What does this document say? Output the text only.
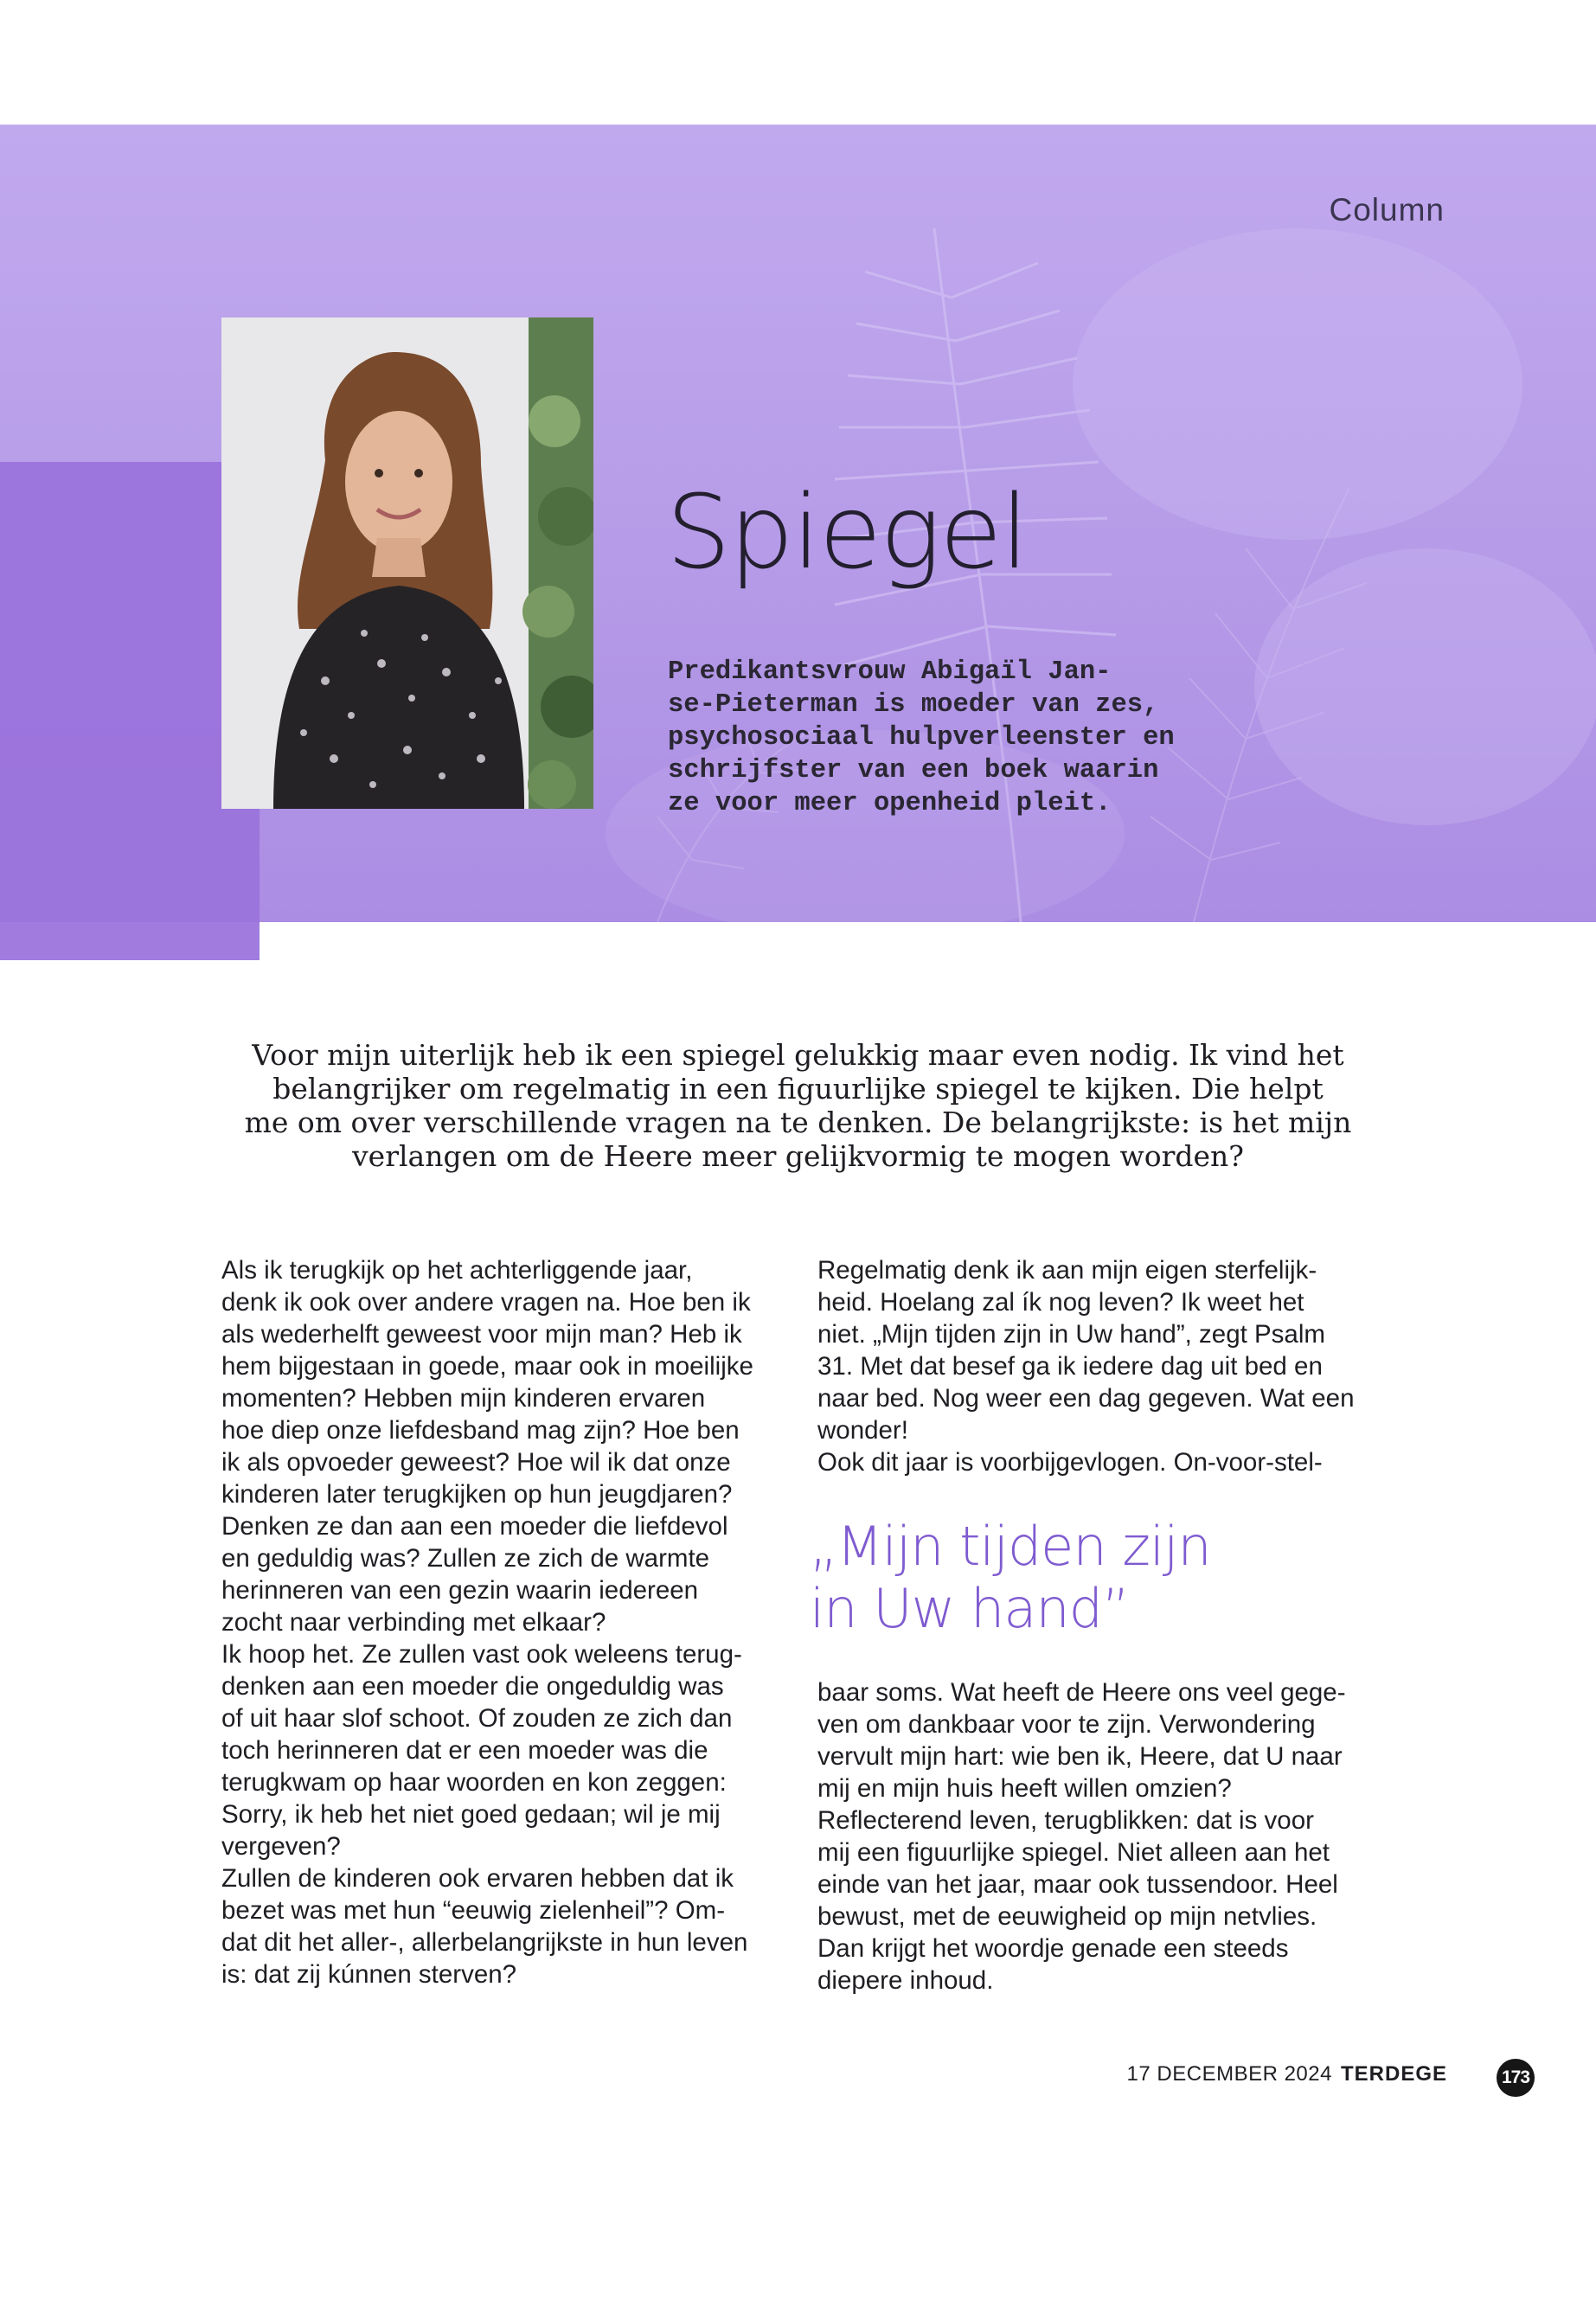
Column
Spiegel
Predikantsvrouw Abigaïl Jan-
se-Pieterman is moeder van zes,
psychosociaal hulpverleenster en
schrijfster van een boek waarin
ze voor meer openheid pleit.
Voor mijn uiterlijk heb ik een spiegel gelukkig maar even nodig. Ik vind het
belangrijker om regelmatig in een figuurlijke spiegel te kijken. Die helpt
me om over verschillende vragen na te denken. De belangrijkste: is het mijn
verlangen om de Heere meer gelijkvormig te mogen worden?

Als ik terugkijk op het achterliggende jaar,

denk ik ook over andere vragen na. Hoe ben ik

als wederhelft geweest voor mijn man? Heb ik

hem bijgestaan in goede, maar ook in moeilijke

momenten? Hebben mijn kinderen ervaren

hoe diep onze liefdesband mag zijn? Hoe ben

ik als opvoeder geweest? Hoe wil ik dat onze

kinderen later terugkijken op hun jeugdjaren?

Denken ze dan aan een moeder die liefdevol

en geduldig was? Zullen ze zich de warmte

herinneren van een gezin waarin iedereen

zocht naar verbinding met elkaar?

Ik hoop het. Ze zullen vast ook weleens terug-

denken aan een moeder die ongeduldig was

of uit haar slof schoot. Of zouden ze zich dan

toch herinneren dat er een moeder was die

terugkwam op haar woorden en kon zeggen:

Sorry, ik heb het niet goed gedaan; wil je mij

vergeven?

Zullen de kinderen ook ervaren hebben dat ik

bezet was met hun “eeuwig zielenheil”? Om-

dat dit het aller-, allerbelangrijkste in hun leven

is: dat zij kúnnen sterven?

Regelmatig denk ik aan mijn eigen sterfelijk-

heid. Hoelang zal ík nog leven? Ik weet het

niet. „Mijn tijden zijn in Uw hand”, zegt Psalm

31. Met dat besef ga ik iedere dag uit bed en

naar bed. Nog weer een dag gegeven. Wat een

wonder!

Ook dit jaar is voorbijgevlogen. On-voor-stel-

„Mijn tijden zijn
in Uw hand”

baar soms. Wat heeft de Heere ons veel gege-

ven om dankbaar voor te zijn. Verwondering

vervult mijn hart: wie ben ik, Heere, dat U naar

mij en mijn huis heeft willen omzien?

Reflecterend leven, terugblikken: dat is voor

mij een figuurlijke spiegel. Niet alleen aan het

einde van het jaar, maar ook tussendoor. Heel

bewust, met de eeuwigheid op mijn netvlies.

Dan krijgt het woordje genade een steeds

diepere inhoud.

17 DECEMBER 2024 TERDEGE	173
